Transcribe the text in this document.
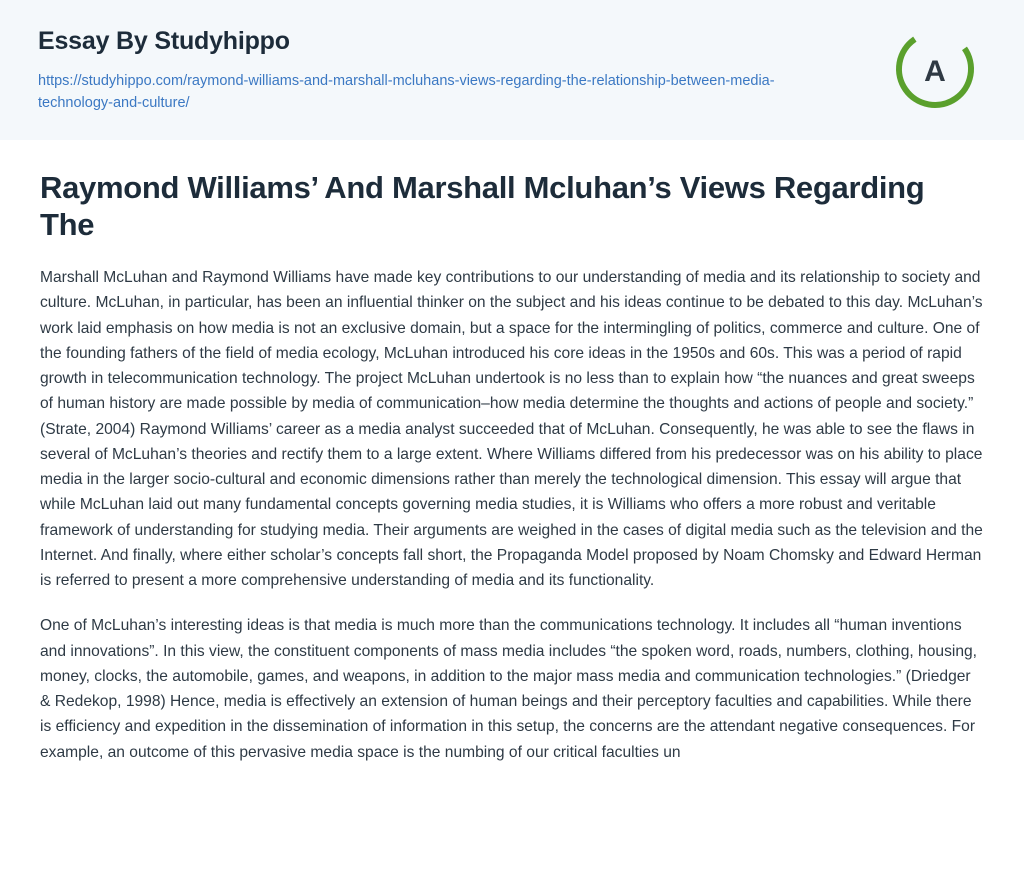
Essay By Studyhippo
https://studyhippo.com/raymond-williams-and-marshall-mcluhans-views-regarding-the-relationship-between-media-technology-and-culture/
A
Raymond Williams’ And Marshall Mcluhan’s Views Regarding The

Marshall McLuhan and Raymond Williams have made key contributions to our understanding of media and its relationship to society and culture. McLuhan, in particular, has been an influential thinker on the subject and his ideas continue to be debated to this day. McLuhan’s work laid emphasis on how media is not an exclusive domain, but a space for the intermingling of politics, commerce and culture. One of the founding fathers of the field of media ecology, McLuhan introduced his core ideas in the 1950s and 60s. This was a period of rapid growth in telecommunication technology. The project McLuhan undertook is no less than to explain how “the nuances and great sweeps of human history are made possible by media of communication–how media determine the thoughts and actions of people and society.” (Strate, 2004) Raymond Williams’ career as a media analyst succeeded that of McLuhan. Consequently, he was able to see the flaws in several of McLuhan’s theories and rectify them to a large extent. Where Williams differed from his predecessor was on his ability to place media in the larger socio-cultural and economic dimensions rather than merely the technological dimension. This essay will argue that while McLuhan laid out many fundamental concepts governing media studies, it is Williams who offers a more robust and veritable framework of understanding for studying media. Their arguments are weighed in the cases of digital media such as the television and the Internet. And finally, where either scholar’s concepts fall short, the Propaganda Model proposed by Noam Chomsky and Edward Herman is referred to present a more comprehensive understanding of media and its functionality.

One of McLuhan’s interesting ideas is that media is much more than the communications technology. It includes all “human inventions and innovations”. In this view, the constituent components of mass media includes “the spoken word, roads, numbers, clothing, housing, money, clocks, the automobile, games, and weapons, in addition to the major mass media and communication technologies.” (Driedger & Redekop, 1998) Hence, media is effectively an extension of human beings and their perceptory faculties and capabilities. While there is efficiency and expedition in the dissemination of information in this setup, the concerns are the attendant negative consequences. For example, an outcome of this pervasive media space is the numbing of our critical faculties un
